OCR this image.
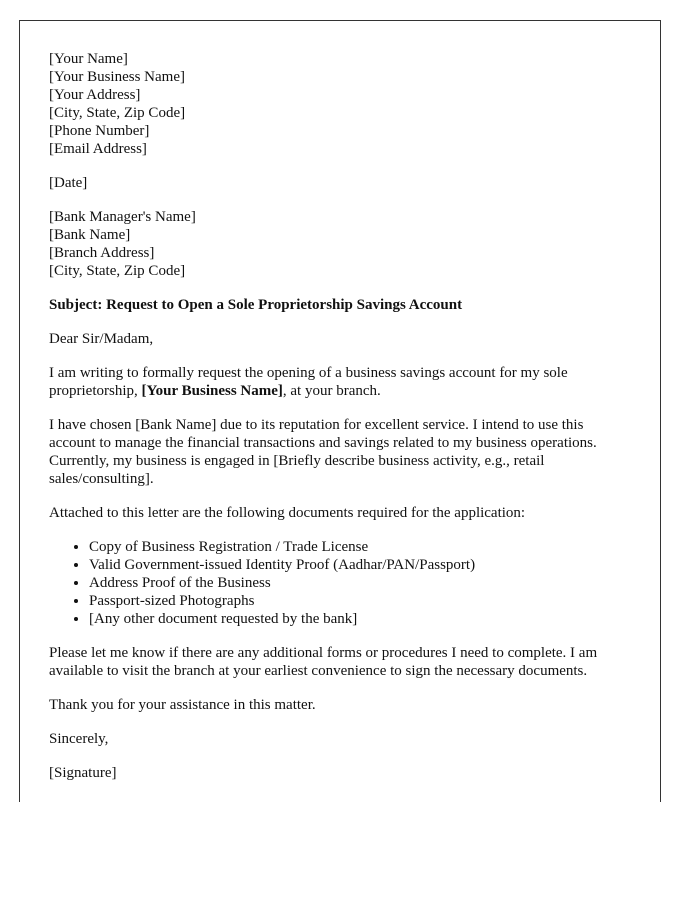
[Your Name]
[Your Business Name]
[Your Address]
[City, State, Zip Code]
[Phone Number]
[Email Address]

[Date]

[Bank Manager's Name]
[Bank Name]
[Branch Address]
[City, State, Zip Code]

Subject: Request to Open a Sole Proprietorship Savings Account

Dear Sir/Madam,

I am writing to formally request the opening of a business savings account for my sole proprietorship, [Your Business Name], at your branch.

I have chosen [Bank Name] due to its reputation for excellent service. I intend to use this account to manage the financial transactions and savings related to my business operations. Currently, my business is engaged in [Briefly describe business activity, e.g., retail sales/consulting].

Attached to this letter are the following documents required for the application:

• Copy of Business Registration / Trade License
• Valid Government-issued Identity Proof (Aadhar/PAN/Passport)
• Address Proof of the Business
• Passport-sized Photographs
• [Any other document requested by the bank]

Please let me know if there are any additional forms or procedures I need to complete. I am available to visit the branch at your earliest convenience to sign the necessary documents.

Thank you for your assistance in this matter.

Sincerely,

[Signature]
